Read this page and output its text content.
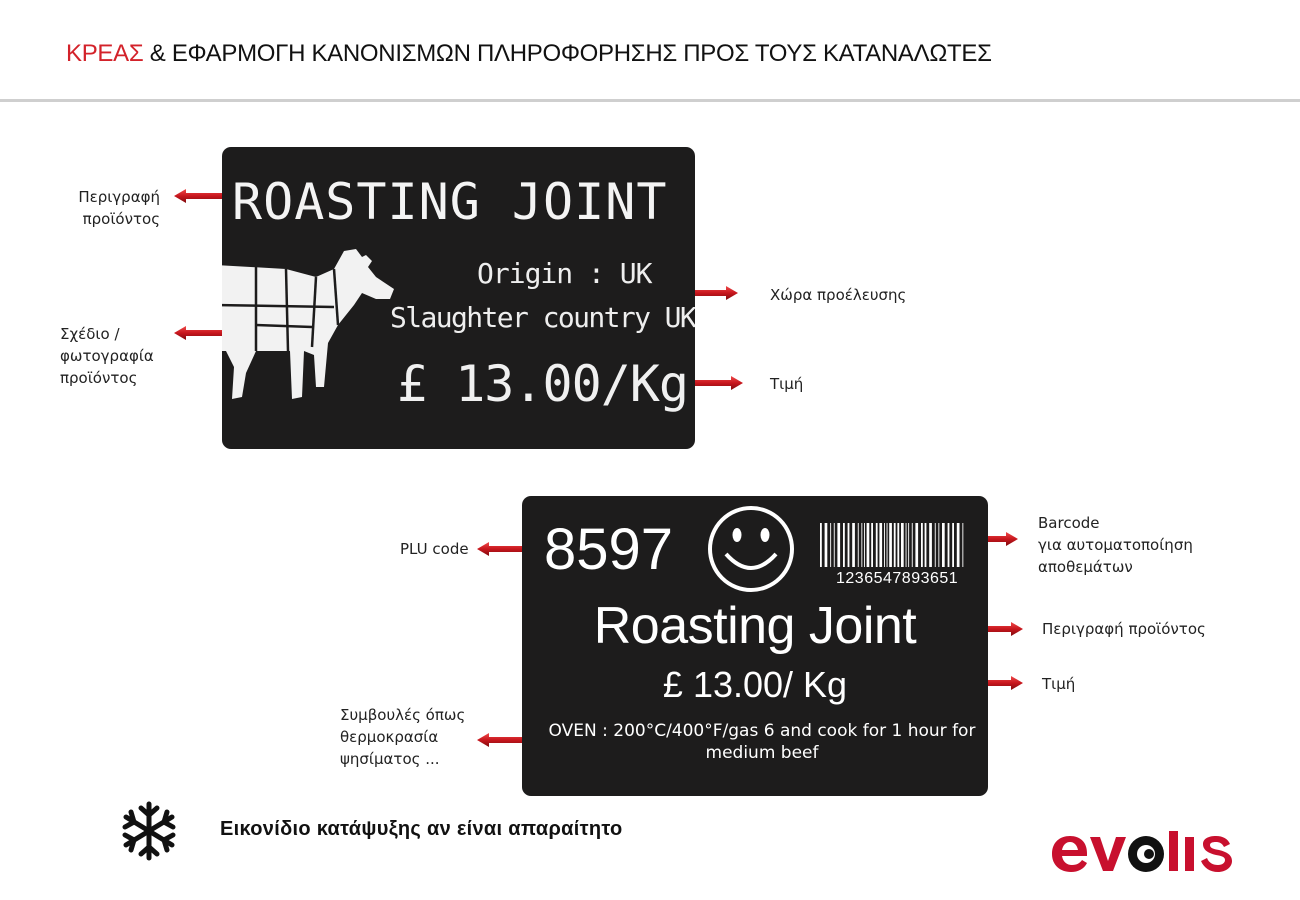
ΚΡΕΑΣ & ΕΦΑΡΜΟΓΗ ΚΑΝΟΝΙΣΜΩΝ ΠΛΗΡΟΦΟΡΗΣΗΣ ΠΡΟΣ ΤΟΥΣ ΚΑΤΑΝΑΛΩΤΕΣ
Περιγραφή
προϊόντος
Σχέδιο /
φωτογραφία
προϊόντος
Χώρα προέλευσης
Τιμή
ROASTING JOINT
Origin : UK
Slaughter country UK
£ 13.00/Kg
PLU code
Barcode
για αυτοματοποίηση
αποθεμάτων
Περιγραφή προϊόντος
Τιμή
Συμβουλές όπως
θερμοκρασία
ψησίματος ...
8597	1236547893651
Roasting Joint
£ 13.00/ Kg
OVEN : 200°C/400°F/gas 6 and cook for 1 hour for medium beef
Εικονίδιο κατάψυξης αν είναι απαραίτητο
